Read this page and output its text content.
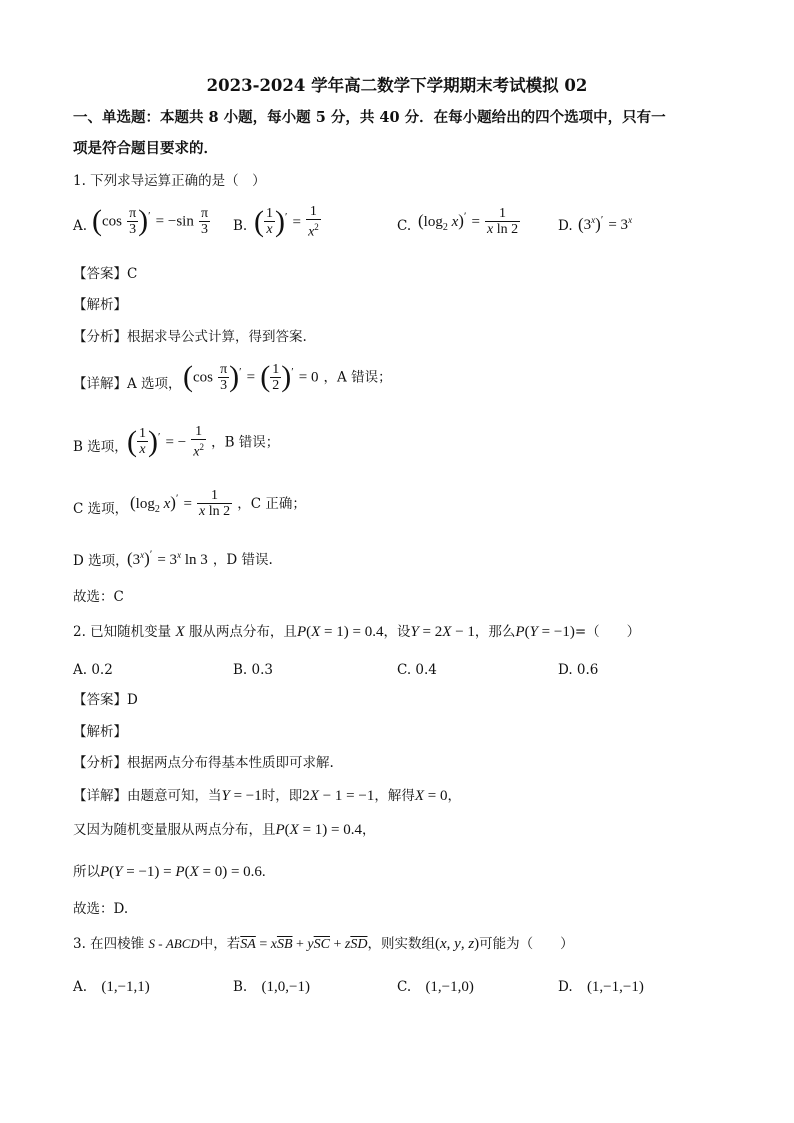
2023-2024 学年高二数学下学期期末考试模拟 02
一、单选题：本题共 8 小题，每小题 5 分，共 40 分．在每小题给出的四个选项中，只有一
项是符合题目要求的．
1. 下列求导运算正确的是（　）
A. $(\cos \frac{\pi}{3} )' = -\sin \frac{\pi}{3} B$. ( $\frac{1}{x} )' = \frac{1}{x^2}$	C. ($\log_2$ $x)' = \frac{1}{\text{x ln 2}}$	D. $(3^x)' = 3^x$
【答案】C
【解析】
【分析】根据求导公式计算，得到答案.
【详解】A 选项， $(\cos \frac{\pi}{3} )'$ = ( $\frac{1}{2} )' = 0$ ，A 错误；
B 选项， ( $\frac{1}{x} )'$ = − $\frac{1}{x^2}$ ，B 错误；
C 选项， ($\log_2$ $x)' = \frac{1}{\text{x ln 2}}$ ，C 正确；
D 选项，
$(3^x)' = 3^x$ ln 3 ，D 错误.
故选：C
2. 已知随机变量 X 服从两点分布，且P(X = 1) = 0.4，设Y = 2X − 1，那么P(Y = −1)=（　　）
A. 0.2	B. 0.3	C. 0.4	D. 0.6
【答案】D
【解析】
【分析】根据两点分布得基本性质即可求解.
【详解】由题意可知，当Y = −1时，即2X − 1 = −1，解得X = 0，
又因为随机变量服从两点分布，且P(X = 1) = 0.4，
所以P(Y = −1) = P(X = 0) = 0.6.
故选：D.
3. 在四棱锥 S - ABCD中，若$\overline{SA} = x\overline{SB} + y\overline{SC} + z\overline{SD}$，则实数组(x, y, z)可能为（　　）
A. (1,−1,1)	B. (1,0,−1)	C. (1,−1,0)	D. (1,−1,−1)
